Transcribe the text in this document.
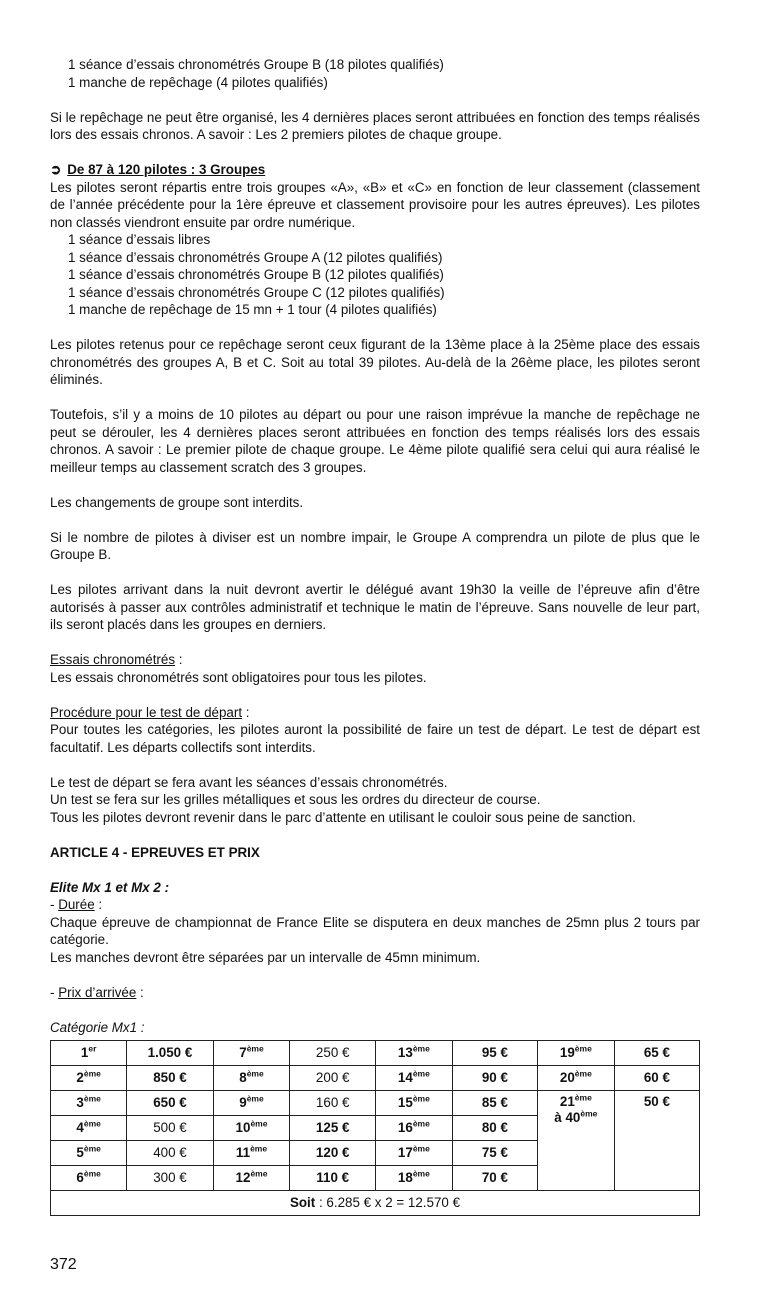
1 séance d’essais chronométrés Groupe B (18 pilotes qualifiés)

1 manche de repêchage (4 pilotes qualifiés)

Si le repêchage ne peut être organisé, les 4 dernières places seront attribuées en fonction des temps réalisés lors des essais chronos. A savoir : Les 2 premiers pilotes de chaque groupe.

➲ De 87 à 120 pilotes : 3 Groupes

Les pilotes seront répartis entre trois groupes «A», «B» et «C» en fonction de leur classement (classement de l’année précédente pour la 1ère épreuve et classement provisoire pour les autres épreuves). Les pilotes non classés viendront ensuite par ordre numérique.

1 séance d’essais libres

1 séance d’essais chronométrés Groupe A (12 pilotes qualifiés)

1 séance d’essais chronométrés Groupe B (12 pilotes qualifiés)

1 séance d’essais chronométrés Groupe C (12 pilotes qualifiés)

1 manche de repêchage de 15 mn + 1 tour (4 pilotes qualifiés)

Les pilotes retenus pour ce repêchage seront ceux figurant de la 13ème place à la 25ème place des essais chronométrés des groupes A, B et C. Soit au total 39 pilotes. Au-delà de la 26ème place, les pilotes seront éliminés.

Toutefois, s’il y a moins de 10 pilotes au départ ou pour une raison imprévue la manche de repêchage ne peut se dérouler, les 4 dernières places seront attribuées en fonction des temps réalisés lors des essais chronos. A savoir : Le premier pilote de chaque groupe. Le 4ème pilote qualifié sera celui qui aura réalisé le meilleur temps au classement scratch des 3 groupes.

Les changements de groupe sont interdits.

Si le nombre de pilotes à diviser est un nombre impair, le Groupe A comprendra un pilote de plus que le Groupe B.

Les pilotes arrivant dans la nuit devront avertir le délégué avant 19h30 la veille de l’épreuve afin d’être autorisés à passer aux contrôles administratif et technique le matin de l’épreuve. Sans nouvelle de leur part, ils seront placés dans les groupes en derniers.

Essais chronométrés :

Les essais chronométrés sont obligatoires pour tous les pilotes.

Procédure pour le test de départ :

Pour toutes les catégories, les pilotes auront la possibilité de faire un test de départ. Le test de départ est facultatif. Les départs collectifs sont interdits.

Le test de départ se fera avant les séances d’essais chronométrés.

Un test se fera sur les grilles métalliques et sous les ordres du directeur de course.

Tous les pilotes devront revenir dans le parc d’attente en utilisant le couloir sous peine de sanction.

ARTICLE 4 - EPREUVES ET PRIX

Elite Mx 1 et Mx 2 :

- Durée :

Chaque épreuve de championnat de France Elite se disputera en deux manches de 25mn plus 2 tours par catégorie.

Les manches devront être séparées par un intervalle de 45mn minimum.

- Prix d’arrivée :

Catégorie Mx1 :

1er	1.050 €	7ème	250 €	13ème	95 €	19ème	65 €
2ème	850 €	8ème	200 €	14ème	90 €	20ème	60 €
3ème	650 €	9ème	160 €	15ème	85 €	21ème
à 40ème	50 €
4ème	500 €	10ème	125 €	16ème	80 €		
5ème	400 €	11ème	120 €	17ème	75 €		
6ème	300 €	12ème	110 €	18ème	70 €		
Soit : 6.285 € x 2 = 12.570 €							
372
